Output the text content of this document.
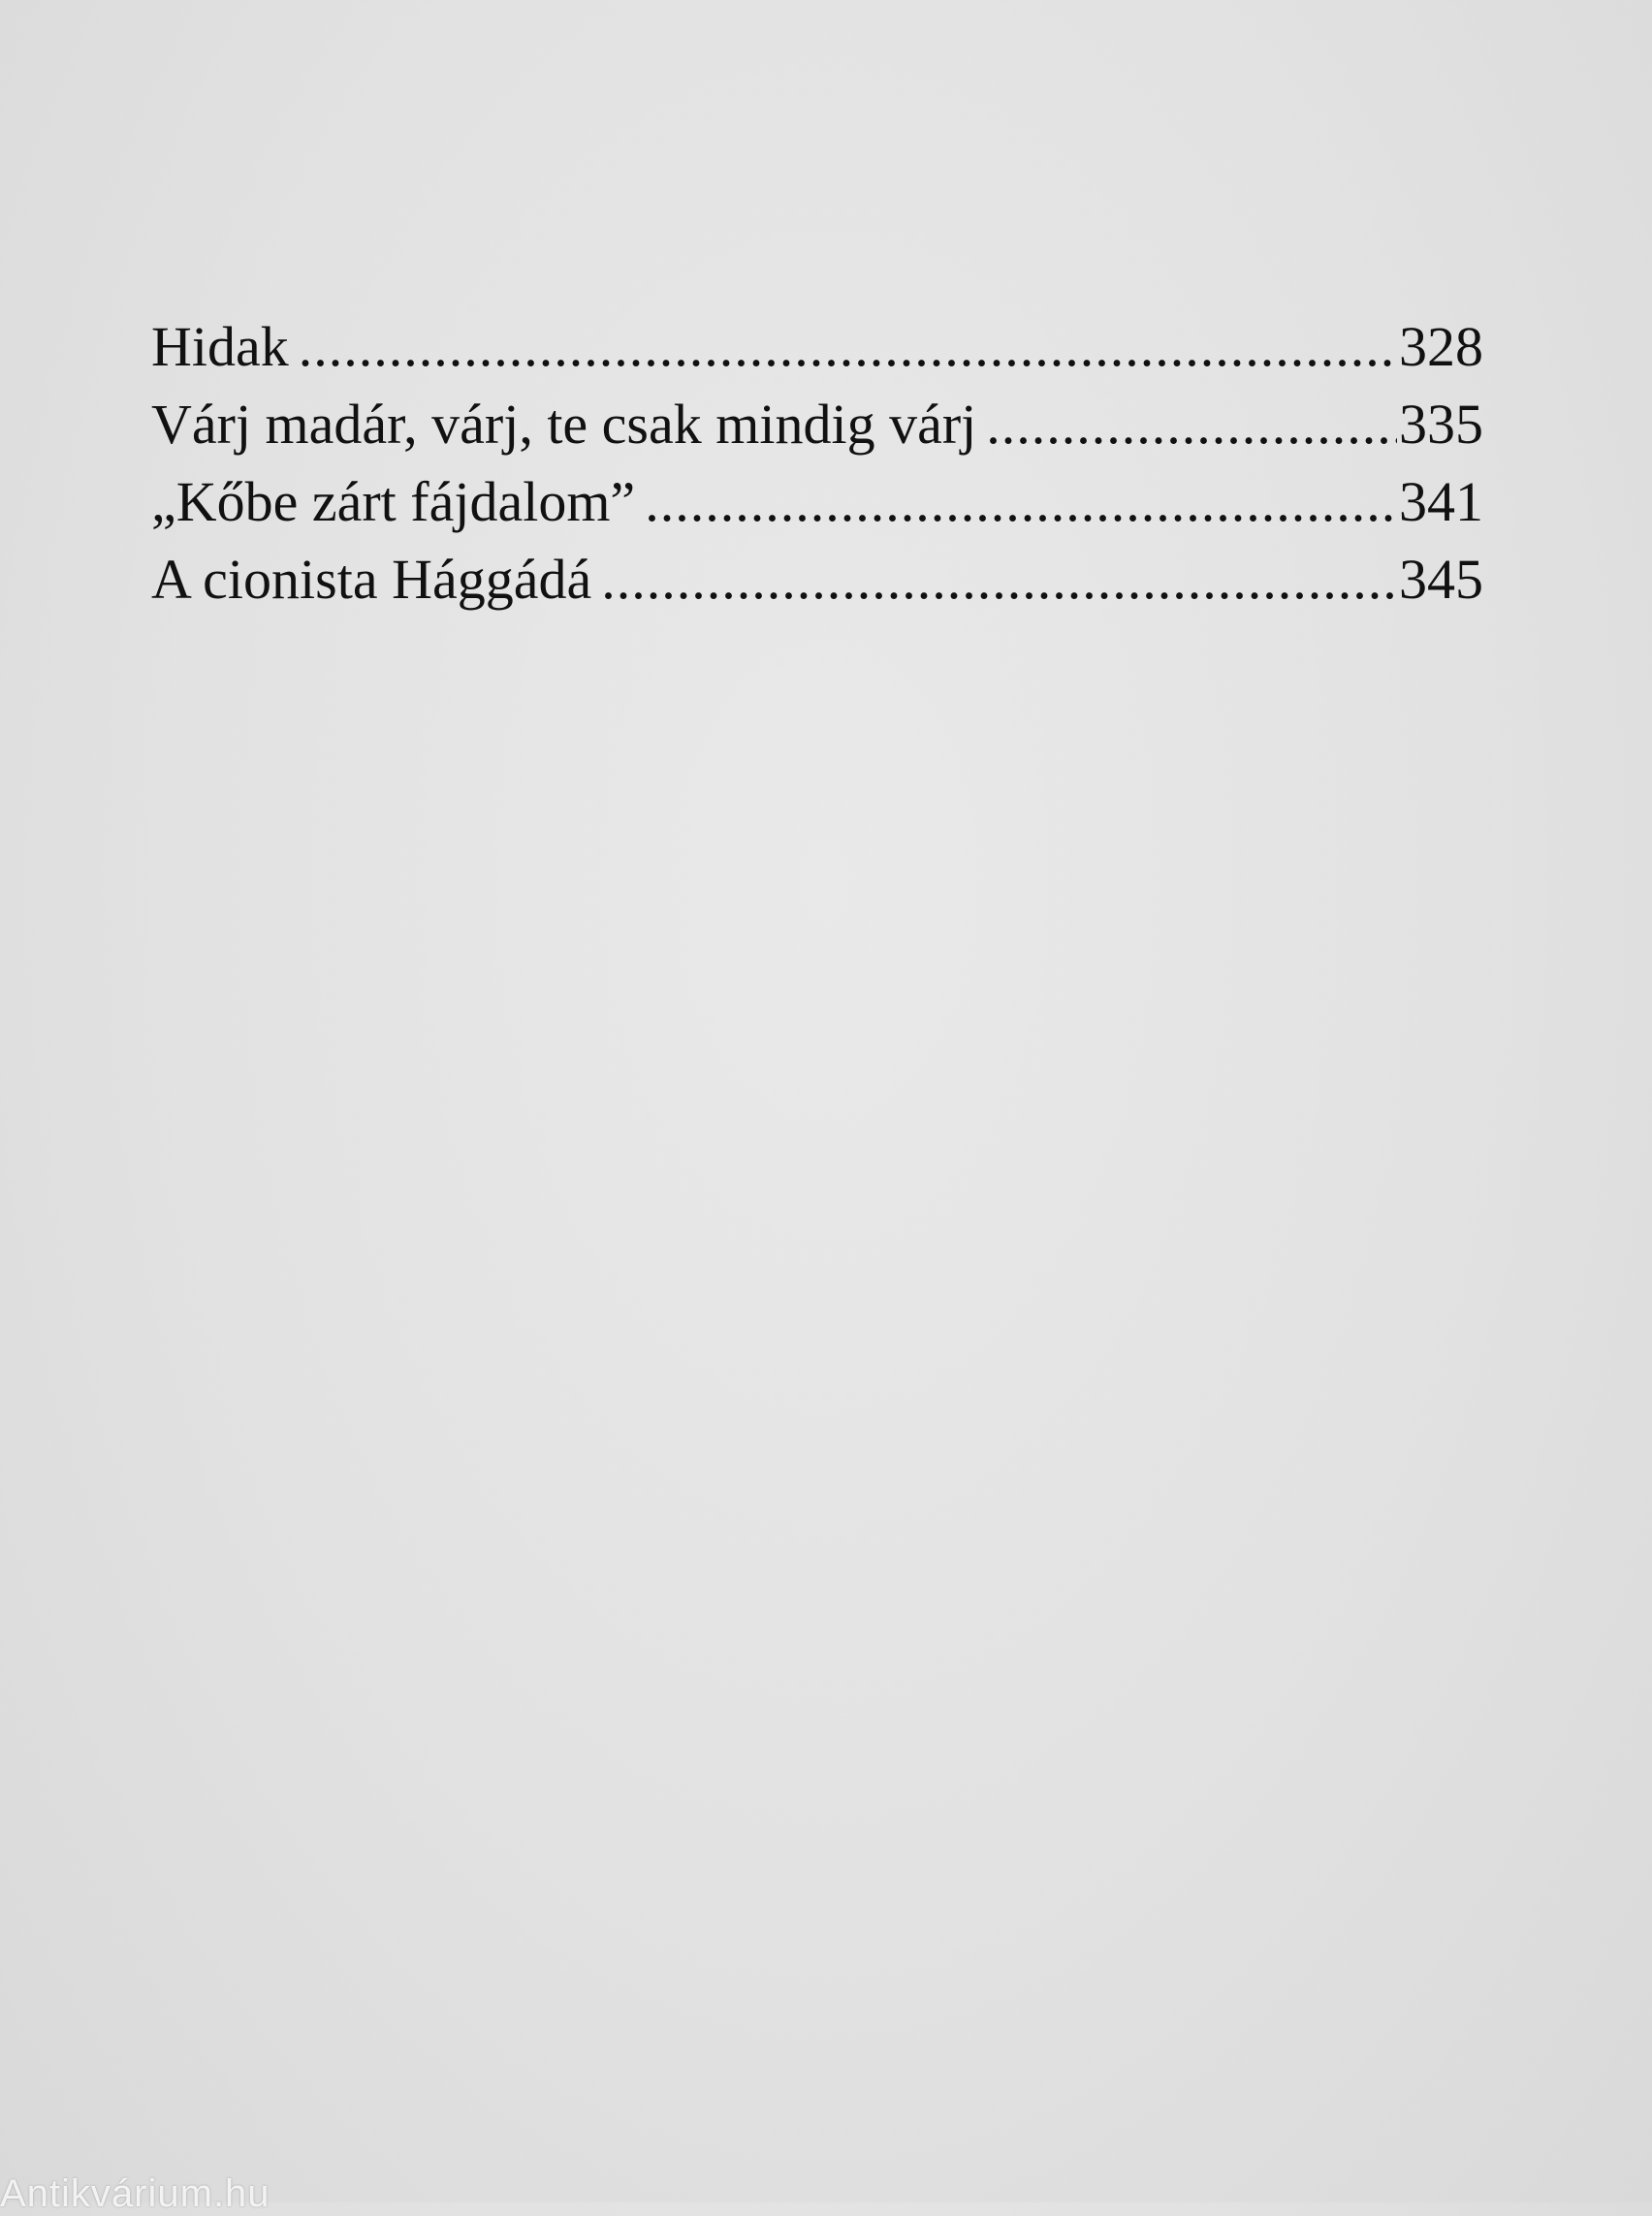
Hidak .....	328
Várj madár, várj, te csak mindig várj .....	335
„Kőbe zárt fájdalom” .....	341
A cionista Hággádá .....	345
Antikvárium.hu
